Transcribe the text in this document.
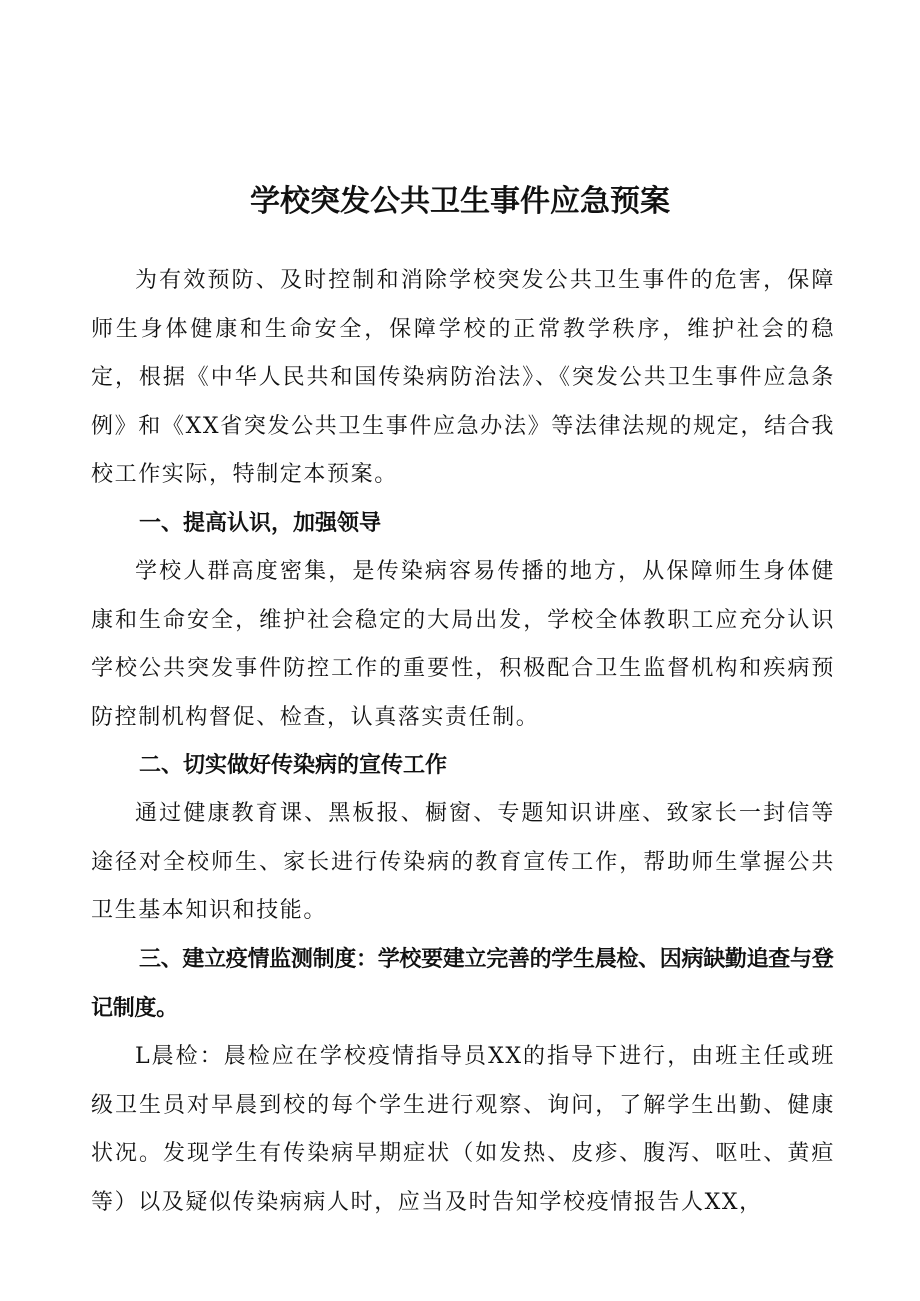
学校突发公共卫生事件应急预案

为有效预防、及时控制和消除学校突发公共卫生事件的危害，保障师生身体健康和生命安全，保障学校的正常教学秩序，维护社会的稳定，根据《中华人民共和国传染病防治法》、《突发公共卫生事件应急条例》和《XX省突发公共卫生事件应急办法》等法律法规的规定，结合我校工作实际，特制定本预案。

一、提高认识，加强领导

学校人群高度密集，是传染病容易传播的地方，从保障师生身体健康和生命安全，维护社会稳定的大局出发，学校全体教职工应充分认识学校公共突发事件防控工作的重要性，积极配合卫生监督机构和疾病预防控制机构督促、检查，认真落实责任制。

二、切实做好传染病的宣传工作

通过健康教育课、黑板报、橱窗、专题知识讲座、致家长一封信等途径对全校师生、家长进行传染病的教育宣传工作，帮助师生掌握公共卫生基本知识和技能。

三、建立疫情监测制度：学校要建立完善的学生晨检、因病缺勤追查与登记制度。

L晨检：晨检应在学校疫情指导员XX的指导下进行，由班主任或班级卫生员对早晨到校的每个学生进行观察、询问，了解学生出勤、健康状况。发现学生有传染病早期症状（如发热、皮疹、腹泻、呕吐、黄疸等）以及疑似传染病病人时，应当及时告知学校疫情报告人XX，
